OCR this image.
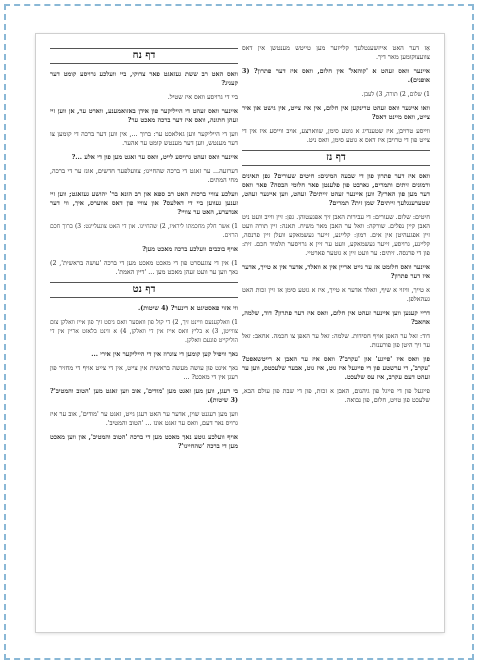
אַז דער האט אייזשענטלעך קלייזער מען טייטש מענטשן אין דאס צוועצוקומען מאר דיך.

איינער וואס זעהט א 'קוהאל' אין חלום, וואס איז דער פתרון? (3 אופנים).

1) שלום, 2) תורה, 3) לעבן.

וואו איינער וואס זעהט טרינקען אין חלום, אין איז צייט, אין גישט און איר צייט, וואס מיינט דאס?

ווייסע טרויבן, איז שטענדיג א גוטע סימן, שווארצע, אויב ווייסע איז אין די צייט פון די טרויבן איז דאס א גוטע סימן, וואס ניט.

דף נז

וואס איז דער פתרון פון די שבעה המינים: חיטים שעורים? גפן תאינים ורמונים זיתים ותמרים, גארבט פון פלענטן פאר חלומי הבסה? פאר וואס דער מען פון הארץ? ווען איינער זעהט זייתים? זעהט, ווען איינער זעהט, שטערענגלעך זייתים? שמן זית? תמרים?

חיטים: שלום. שעורים: די עבירות האבן זיך אפגעטוהן. גפן: זיין ווייב וועט ניט האבן קיין נפלים. שורקה: וואל ער האבן מאר משיח. תאנה: זיין תורה וועט זיין אפגעהיטן אין אים. רמון: קליינע, זייער געשמאקע וועלן זיין פרנסה, קליינע, גרויסע, זייער געשמאקע, וועט ער זיין א גרויסער תלמיד חכם. זית: פון די פרנסה. זיתים: ער וועט זיין א גוטער פארטיי.

איינער וואס חלומט אז ער גייט אריין אין א וואלד, אדער אין א טייך, אדער איז דער פתרון?

א טייך, וויזוי א שיף, וואלד אדער א טייך, איז א גוטע סימן אז זיין זכות האט געהאלפן.

דריי קענען ווען איינער זעהט אין חלום, וואס איז דער פתרון? דוד, שלמה, אחאב?

דוד: זאל ער האפן אויף חסידות. שלמה: זאל ער האפן צו חכמה. אחאב: זאל ער זיך היטן פון פורענות.

פון וואס איז 'פייגע' און 'עקרב'? וואס איז ער האבן א רייטשאפט? 'עקרב', די ערשטע פון די פייגעל איז גוט, איז גוט, אבער שלעכטס, ווען ער זעהט דעם עקרב, איז עס שלעכט.

פייגעל פון די פייגל פון גיהנום, האבן א זכות, פון די שבת פון עולם הבא, שלעכט פון טויט, חלום, פון נבואה.

דף נח

וואס האט רב ששת געזאגט פאר צדוקי, ביי וועלכע גרויסע קומט דער קעניג?

ביי די גרויסע וואס איז שטיל.

איינער וואס זעהט די הייליקער פון אידן באזואמענע, ווארט ער, אן ווען זיי זעהן חתונה, וואס איז דער ברכה מאכט ער?

ווען די הייליקער ווען גאלאכט ער: ברוך ..., אין ווען דער ברכה די קומען צו דער מענטש, ווען דער מענטש קומט ער אהער.

איינער וואס זעהט גרויסע לייט, וואס ער זאגט מען פון די אלע ...?

דערזעה... ער זאגט די ברכה שהחיינו; צוועלפער חדשים, אונז ער די ברכה, מחי המתים.

וועלכע צוויי ברכות האט רב ספא און רב הונא בר' יהושע געזאגט; ווען זיי זענען געווען ביי די דאלעס? און צוויי פון דאס אווערס, איך, ווי דער אנדערע, האט ער צוויי?

1) אשר חלק מחכמתו ליראיו, 2) שהחיינו. און די האט צוגעליינט: 3) ברוך חכם הרזים.

אויף בוכבים וועלכע ברכה מאכט מען?

1) אין די צוגעסרט פון די מאכט מאכט מען די ברכה 'עושה בראשית', 2) נאך ווען ער וועט זעהן מאכט מען ... 'דיין האמת'.

דף נט

ווי אזוי פאסטיגט א דינער? (4 שיטות).

1) וואלקענעס וויינט זיך, 2) די קול פון וואסער וואס גיסט זיך פון אייז וואלקן צום צווייטן, 3) א בליץ וואס אייז אין די וואלקן, 4) א ווינט בלאזט אריין אין די הוליקייט פונעם וואלקן.

נאך וויפיל קען קומען די צוגרוז אין די הייליקער אין אירי ...

נאך אינט פון עושה מעשה בראשית אין צייט, אין די צייט אויף די מחזיר פון רעגן אין די מאכט? ...

בי רעגן, ווען מען זאגט מען 'מודים', אוב ווען זאגט מען 'הטוב והמטיב'? (3 שיטות).

ווען מען רעגנט שוין, אדער ער האט רעגן גייט, זאגט ער 'מודים', אוב ער איז גרויס נאר דעם, וואס ער זאגט אונז ... 'הטוב והמטיב'.

אויף וועלכע גוטע נאך מאכט מען די ברכה 'הטוב והמטיב', און ווען מאכט מען די ברכה 'שהחיינו'?
